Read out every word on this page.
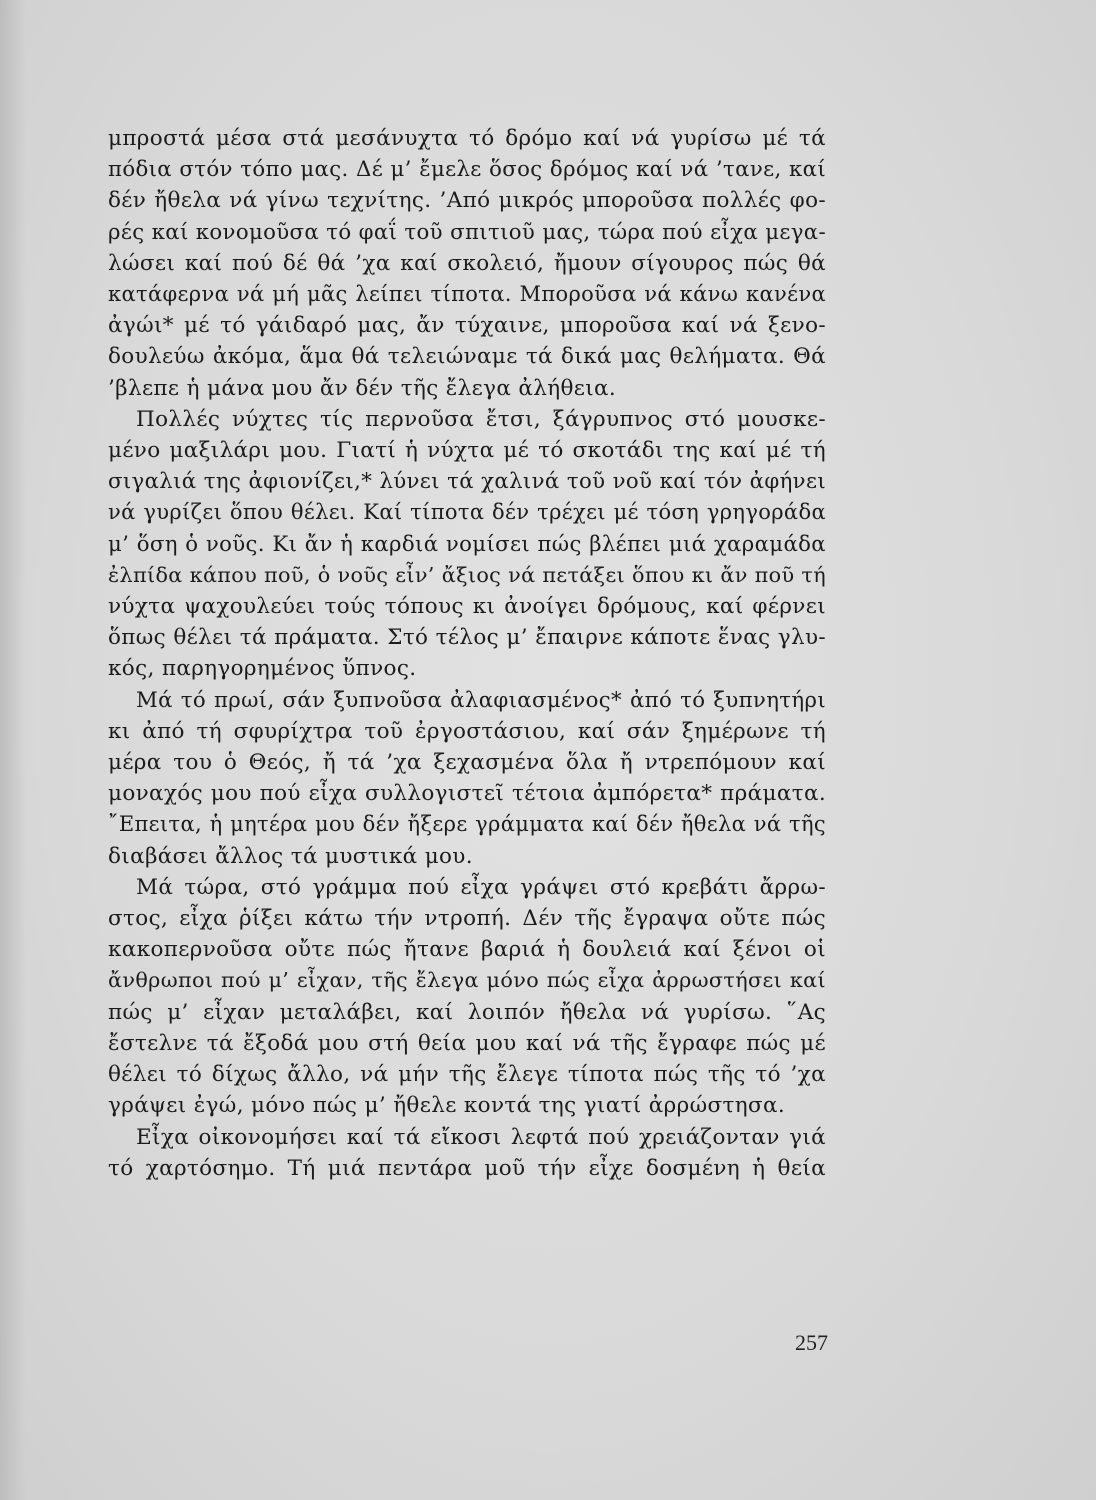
μπροστά μέσα στά μεσάνυχτα τό δρόμο καί νά γυρίσω μέ τά
πόδια στόν τόπο μας. Δέ μ’ ἔμελε ὅσος δρόμος καί νά ’τανε, καί
δέν ἤθελα νά γίνω τεχνίτης. ’Από μικρός μποροῦσα πολλές φο-
ρές καί κονομοῦσα τό φαΐ τοῦ σπιτιοῦ μας, τώρα πού εἶχα μεγα-
λώσει καί πού δέ θά ’χα καί σκολειό, ἤμουν σίγουρος πώς θά
κατάφερνα νά μή μᾶς λείπει τίποτα. Μποροῦσα νά κάνω κανένα
ἀγώι* μέ τό γάιδαρό μας, ἄν τύχαινε, μποροῦσα καί νά ξενο-
δουλεύω ἀκόμα, ἅμα θά τελειώναμε τά δικά μας θελήματα. Θά
’βλεπε ἡ μάνα μου ἄν δέν τῆς ἔλεγα ἀλήθεια.

Πολλές νύχτες τίς περνοῦσα ἔτσι, ξάγρυπνος στό μουσκε-
μένο μαξιλάρι μου. Γιατί ἡ νύχτα μέ τό σκοτάδι της καί μέ τή
σιγαλιά της ἀφιονίζει,* λύνει τά χαλινά τοῦ νοῦ καί τόν ἀφήνει
νά γυρίζει ὅπου θέλει. Καί τίποτα δέν τρέχει μέ τόση γρηγοράδα
μ’ ὅση ὁ νοῦς. Κι ἄν ἡ καρδιά νομίσει πώς βλέπει μιά χαραμάδα
ἐλπίδα κάπου ποῦ, ὁ νοῦς εἶν’ ἄξιος νά πετάξει ὅπου κι ἄν ποῦ τή
νύχτα ψαχουλεύει τούς τόπους κι ἀνοίγει δρόμους, καί φέρνει
ὅπως θέλει τά πράματα. Στό τέλος μ’ ἔπαιρνε κάποτε ἕνας γλυ-
κός, παρηγορημένος ὕπνος.

Μά τό πρωί, σάν ξυπνοῦσα ἀλαφιασμένος* ἀπό τό ξυπνητήρι
κι ἀπό τή σφυρίχτρα τοῦ ἐργοστάσιου, καί σάν ξημέρωνε τή
μέρα του ὁ Θεός, ἤ τά ’χα ξεχασμένα ὅλα ἤ ντρεπόμουν καί
μοναχός μου πού εἶχα συλλογιστεῖ τέτοια ἀμπόρετα* πράματα.
῎Επειτα, ἡ μητέρα μου δέν ἤξερε γράμματα καί δέν ἤθελα νά τῆς
διαβάσει ἄλλος τά μυστικά μου.

Μά τώρα, στό γράμμα πού εἶχα γράψει στό κρεβάτι ἄρρω-
στος, εἶχα ῥίξει κάτω τήν ντροπή. Δέν τῆς ἔγραψα οὔτε πώς
κακοπερνοῦσα οὔτε πώς ἤτανε βαριά ἡ δουλειά καί ξένοι οἱ
ἄνθρωποι πού μ’ εἶχαν, τῆς ἔλεγα μόνο πώς εἶχα ἀρρωστήσει καί
πώς μ’ εἶχαν μεταλάβει, καί λοιπόν ἤθελα νά γυρίσω. ῞Ας
ἔστελνε τά ἔξοδά μου στή θεία μου καί νά τῆς ἔγραφε πώς μέ
θέλει τό δίχως ἄλλο, νά μήν τῆς ἔλεγε τίποτα πώς τῆς τό ’χα
γράψει ἐγώ, μόνο πώς μ’ ἤθελε κοντά της γιατί ἀρρώστησα.

Εἶχα οἰκονομήσει καί τά εἴκοσι λεφτά πού χρειάζονταν γιά
τό χαρτόσημο. Τή μιά πεντάρα μοῦ τήν εἶχε δοσμένη ἡ θεία

257
